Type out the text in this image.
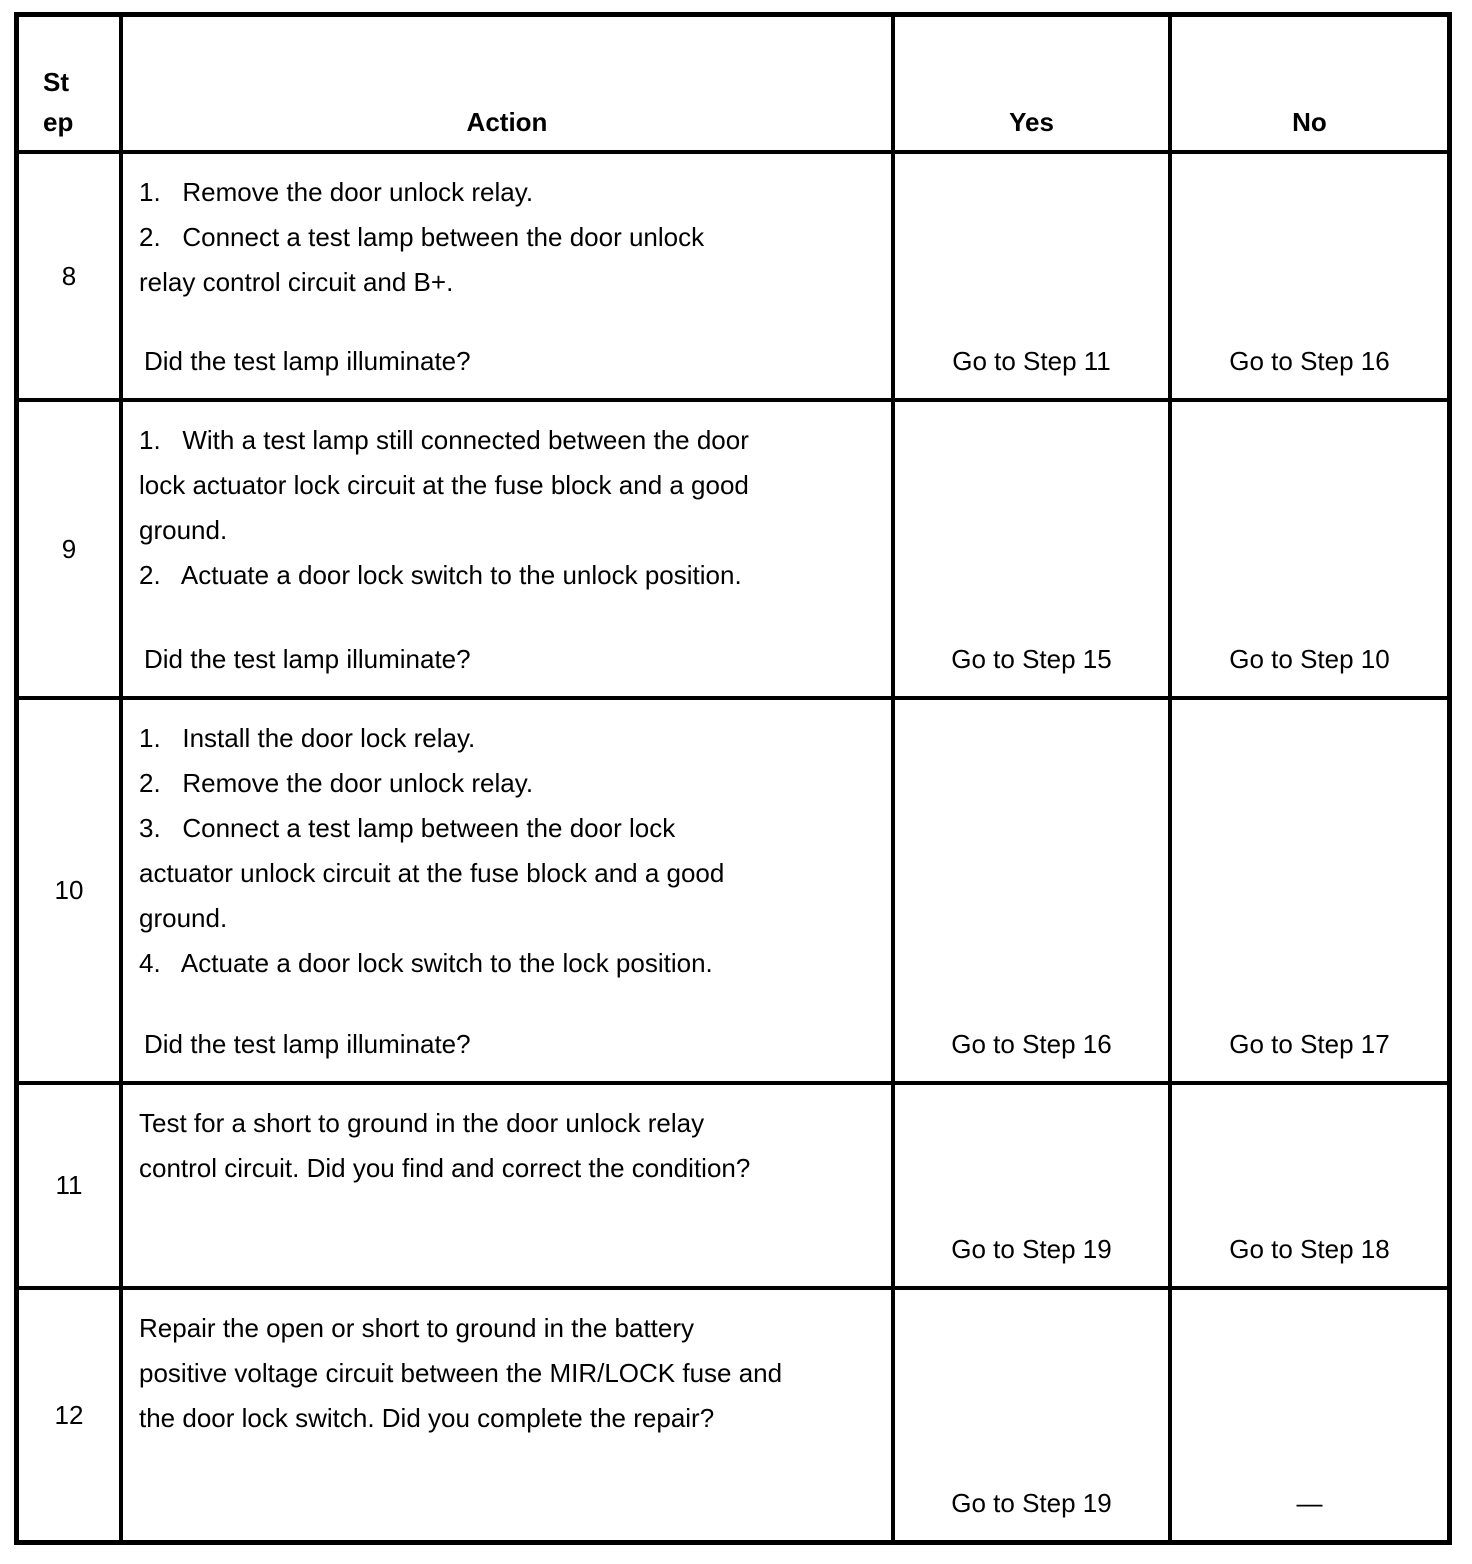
St ep	Action	Yes	No
8
1.   Remove the door unlock relay.
2.   Connect a test lamp between the door unlock
relay control circuit and B+.
Did the test lamp illuminate?	Go to Step 11	Go to Step 16
9
1.   With a test lamp still connected between the door
lock actuator lock circuit at the fuse block and a good
ground.
2.   Actuate a door lock switch to the unlock position.
Did the test lamp illuminate?	Go to Step 15	Go to Step 10
10
1.   Install the door lock relay.
2.   Remove the door unlock relay.
3.   Connect a test lamp between the door lock
actuator unlock circuit at the fuse block and a good
ground.
4.   Actuate a door lock switch to the lock position.
Did the test lamp illuminate?	Go to Step 16	Go to Step 17
11
Test for a short to ground in the door unlock relay
control circuit. Did you find and correct the condition?
Go to Step 19	Go to Step 18
12
Repair the open or short to ground in the battery
positive voltage circuit between the MIR/LOCK fuse and
the door lock switch. Did you complete the repair?
Go to Step 19	—
